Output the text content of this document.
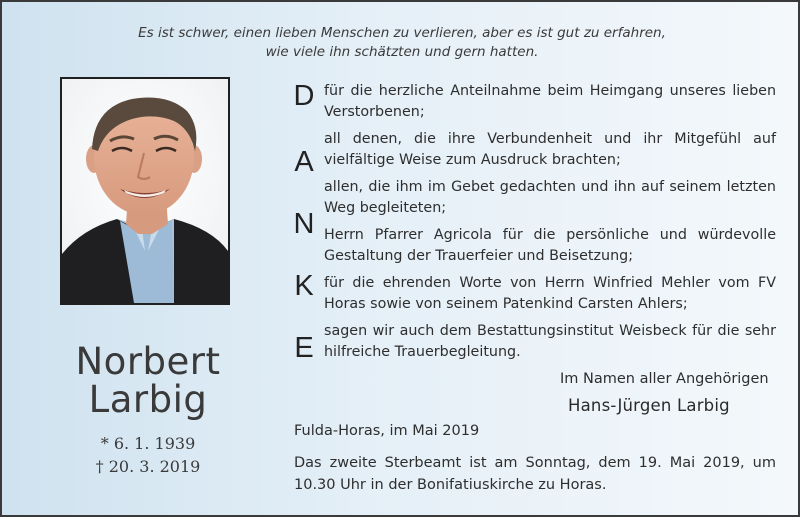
Es ist schwer, einen lieben Menschen zu verlieren, aber es ist gut zu erfahren,
wie viele ihn schätzten und gern hatten.
Norbert
Larbig
* 6. 1. 1939
† 20. 3. 2019
D
A
N
K
E
für die herzliche Anteilnahme beim Heimgang unseres lieben Verstorbenen;
all denen, die ihre Verbundenheit und ihr Mitgefühl auf vielfältige Weise zum Ausdruck brachten;
allen, die ihm im Gebet gedachten und ihn auf seinem letzten Weg begleiteten;
Herrn Pfarrer Agricola für die persönliche und würdevolle Gestaltung der Trauerfeier und Beisetzung;
für die ehrenden Worte von Herrn Winfried Mehler vom FV Horas sowie von seinem Patenkind Carsten Ahlers;
sagen wir auch dem Bestattungsinstitut Weisbeck für die sehr hilfreiche Trauerbegleitung.
Im Namen aller Angehörigen
Hans-Jürgen Larbig
Fulda-Horas, im Mai 2019
Das zweite Sterbeamt ist am Sonntag, dem 19. Mai 2019, um 10.30 Uhr in der Bonifatiuskirche zu Horas.
